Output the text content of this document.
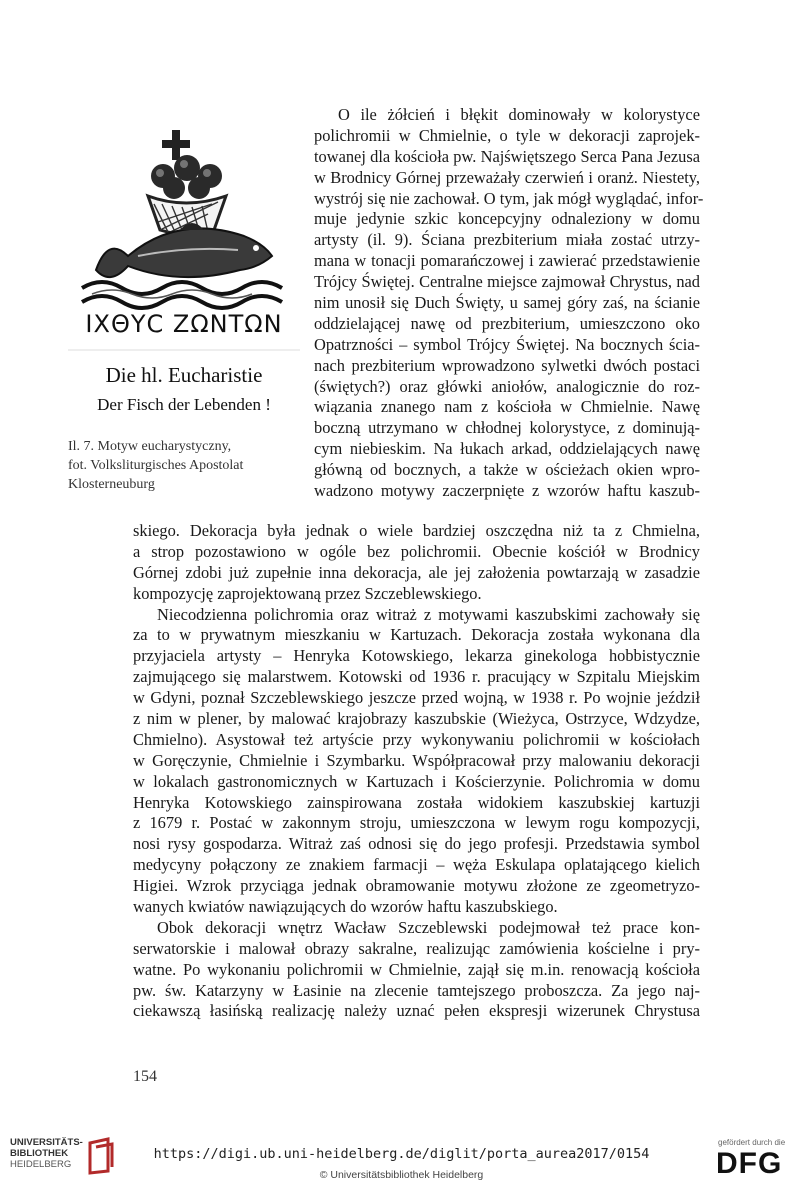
ΙΧΘΥϹ ΖΩΝΤΩΝ
Die hl. Eucharistie
Der Fisch der Lebenden !
Il. 7. Motyw eucharystyczny,
fot. Volksliturgisches Apostolat
Klosterneuburg
O ile żółcień i błękit dominowały w kolorystyce
polichromii w Chmielnie, o tyle w dekoracji zaprojek-
towanej dla kościoła pw. Najświętszego Serca Pana Jezusa
w Brodnicy Górnej przeważały czerwień i oranż. Niestety,
wystrój się nie zachował. O tym, jak mógł wyglądać, infor-
muje jedynie szkic koncepcyjny odnaleziony w domu
artysty (il. 9). Ściana prezbiterium miała zostać utrzy-
mana w tonacji pomarańczowej i zawierać przedstawienie
Trójcy Świętej. Centralne miejsce zajmował Chrystus, nad
nim unosił się Duch Święty, u samej góry zaś, na ścianie
oddzielającej nawę od prezbiterium, umieszczono oko
Opatrzności – symbol Trójcy Świętej. Na bocznych ścia-
nach prezbiterium wprowadzono sylwetki dwóch postaci
(świętych?) oraz główki aniołów, analogicznie do roz-
wiązania znanego nam z kościoła w Chmielnie. Nawę
boczną utrzymano w chłodnej kolorystyce, z dominują-
cym niebieskim. Na łukach arkad, oddzielających nawę
główną od bocznych, a także w ościeżach okien wpro-
wadzono motywy zaczerpnięte z wzorów haftu kaszub-
skiego. Dekoracja była jednak o wiele bardziej oszczędna niż ta z Chmielna,
a strop pozostawiono w ogóle bez polichromii. Obecnie kościół w Brodnicy
Górnej zdobi już zupełnie inna dekoracja, ale jej założenia powtarzają w zasadzie
kompozycję zaprojektowaną przez Szczeblewskiego.
Niecodzienna polichromia oraz witraż z motywami kaszubskimi zachowały się
za to w prywatnym mieszkaniu w Kartuzach. Dekoracja została wykonana dla
przyjaciela artysty – Henryka Kotowskiego, lekarza ginekologa hobbistycznie
zajmującego się malarstwem. Kotowski od 1936 r. pracujący w Szpitalu Miejskim
w Gdyni, poznał Szczeblewskiego jeszcze przed wojną, w 1938 r. Po wojnie jeździł
z nim w plener, by malować krajobrazy kaszubskie (Wieżyca, Ostrzyce, Wdzydze,
Chmielno). Asystował też artyście przy wykonywaniu polichromii w kościołach
w Goręczynie, Chmielnie i Szymbarku. Współpracował przy malowaniu dekoracji
w lokalach gastronomicznych w Kartuzach i Kościerzynie. Polichromia w domu
Henryka Kotowskiego zainspirowana została widokiem kaszubskiej kartuzji
z 1679 r. Postać w zakonnym stroju, umieszczona w lewym rogu kompozycji,
nosi rysy gospodarza. Witraż zaś odnosi się do jego profesji. Przedstawia symbol
medycyny połączony ze znakiem farmacji – węża Eskulapa oplatającego kielich
Higiei. Wzrok przyciąga jednak obramowanie motywu złożone ze zgeometryzo-
wanych kwiatów nawiązujących do wzorów haftu kaszubskiego.
Obok dekoracji wnętrz Wacław Szczeblewski podejmował też prace kon-
serwatorskie i malował obrazy sakralne, realizując zamówienia kościelne i pry-
watne. Po wykonaniu polichromii w Chmielnie, zajął się m.in. renowacją kościoła
pw. św. Katarzyny w Łasinie na zlecenie tamtejszego proboszcza. Za jego naj-
ciekawszą łasińską realizację należy uznać pełen ekspresji wizerunek Chrystusa
154
UNIVERSITÄTS-
BIBLIOTHEK
HEIDELBERG
https://digi.ub.uni-heidelberg.de/diglit/porta_aurea2017/0154
© Universitätsbibliothek Heidelberg
gefördert durch die
DFG
